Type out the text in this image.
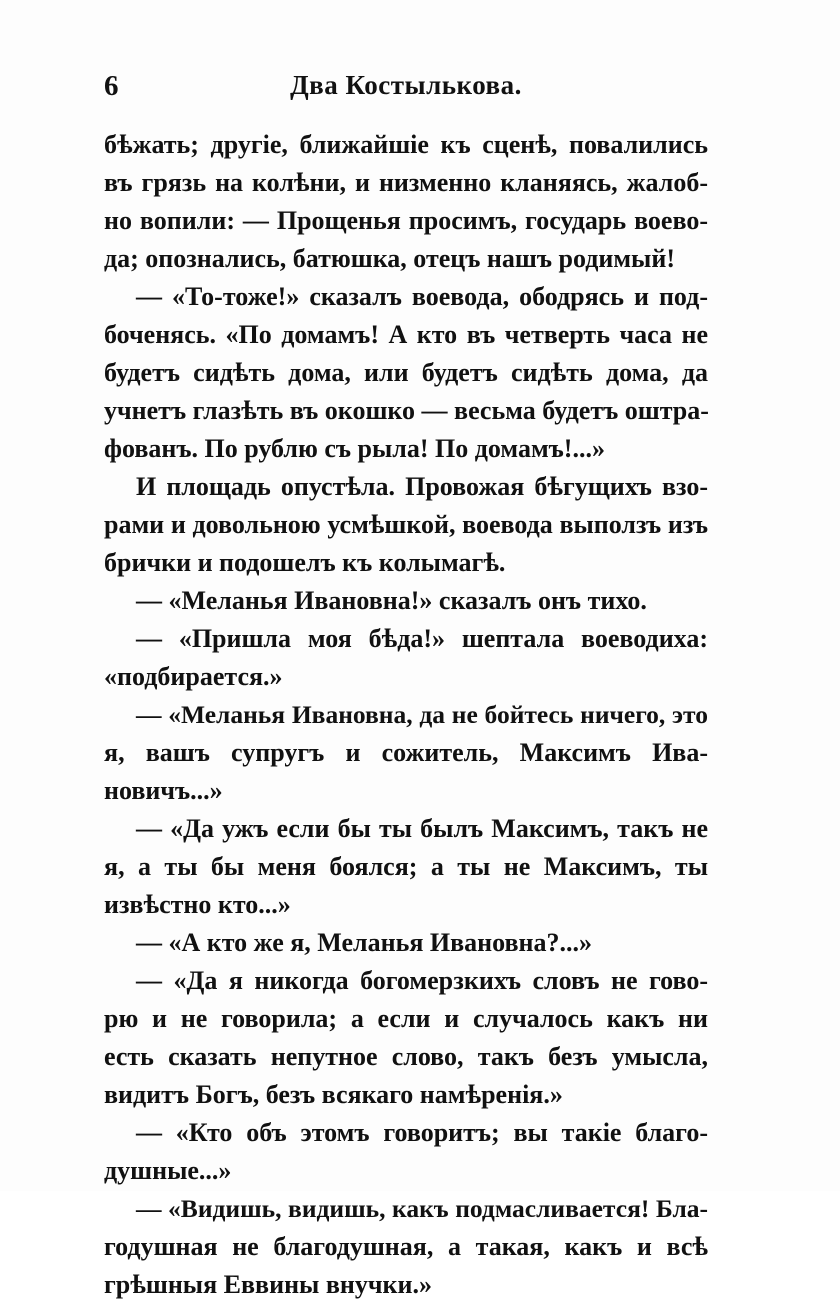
6	Два Костылькова.
бѣжать; другіе, ближайшіе къ сценѣ, повалились
въ грязь на колѣни, и низменно кланяясь, жалоб-
но вопили: — Прощенья просимъ, государь воево-
да; опознались, батюшка, отецъ нашъ родимый!
— «То-тоже!» сказалъ воевода, ободрясь и под-
боченясь. «По домамъ! А кто въ четверть часа не
будетъ сидѣть дома, или будетъ сидѣть дома, да
учнетъ глазѣть въ окошко — весьма будетъ оштра-
фованъ. По рублю съ рыла! По домамъ!...»
И площадь опустѣла. Провожая бѣгущихъ взо-
рами и довольною усмѣшкой, воевода выползъ изъ
брички и подошелъ къ колымагѣ.
— «Меланья Ивановна!» сказалъ онъ тихо.
— «Пришла моя бѣда!» шептала воеводиха:
«подбирается.»
— «Меланья Ивановна, да не бойтесь ничего, это
я, вашъ супругъ и сожитель, Максимъ Ива-
новичъ...»
— «Да ужъ если бы ты былъ Максимъ, такъ не
я, а ты бы меня боялся; а ты не Максимъ, ты
извѣстно кто...»
— «А кто же я, Меланья Ивановна?...»
— «Да я никогда богомерзкихъ словъ не гово-
рю и не говорила; а если и случалось какъ ни
есть сказать непутное слово, такъ безъ умысла,
видитъ Богъ, безъ всякаго намѣренія.»
— «Кто объ этомъ говоритъ; вы такіе благо-
душные...»
— «Видишь, видишь, какъ подмасливается! Бла-
годушная не благодушная, а такая, какъ и всѣ
грѣшныя Еввины внучки.»
